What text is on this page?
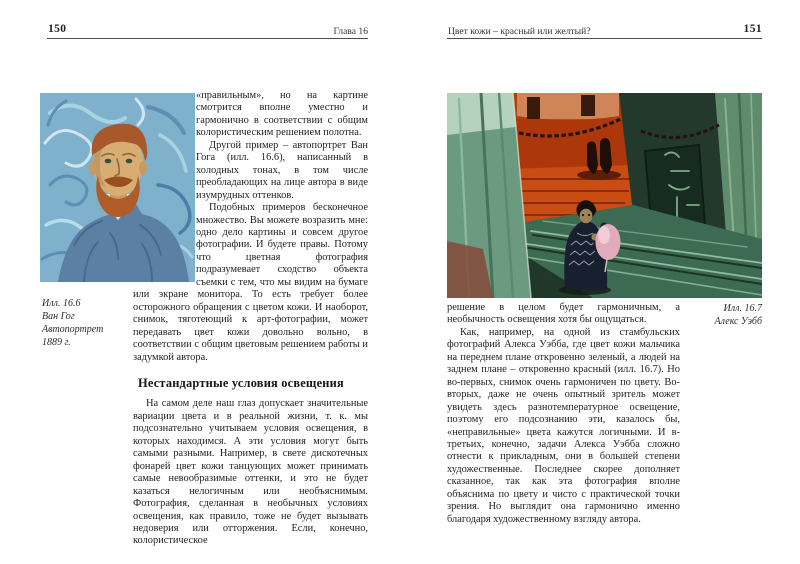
150	Глава 16
Илл. 16.6
Ван Гог
Автопортрет
1889 г.

«правильным», но на картине смотрится вполне уместно и гармонично в соответствии с общим колористическим решением полотна.

Другой пример – автопортрет Ван Гога (илл. 16.6), написанный в холодных тонах, в том числе преобладающих на лице автора в виде изумрудных оттенков.

Подобных примеров бесконечное множество. Вы можете возразить мне: одно дело картины и совсем другое фотографии. И будете правы. Потому что цветная фотография подразумевает сходство объекта съемки с тем, что мы видим на бумаге или экране монитора. То есть требует более осторожного обращения с цветом кожи. И наоборот, снимок, тяготеющий к арт-фотографии, может передавать цвет кожи довольно вольно, в соответствии с общим цветовым решением работы и задумкой автора.

Нестандартные условия освещения

На самом деле наш глаз допускает значительные вариации цвета и в реальной жизни, т. к. мы подсознательно учитываем условия освещения, в которых находимся. А эти условия могут быть самыми разными. Например, в свете дискотечных фонарей цвет кожи танцующих может принимать самые невообразимые оттенки, и это не будет казаться нелогичным или необъяснимым. Фотография, сделанная в необычных условиях освещения, как правило, тоже не будет вызывать недоверия или отторжения. Если, конечно, колористическое

Цвет кожи – красный или желтый?	151
Илл. 16.7
Алекс Уэбб

решение в целом будет гармоничным, а необычность освещения хотя бы ощущаться.

Как, например, на одной из стамбульских фотографий Алекса Уэбба, где цвет кожи мальчика на переднем плане откровенно зеленый, а людей на заднем плане – откровенно красный (илл. 16.7). Но во-первых, снимок очень гармоничен по цвету. Во-вторых, даже не очень опытный зритель может увидеть здесь разнотемпературное освещение, поэтому его подсознанию эти, казалось бы, «неправильные» цвета кажутся логичными. И в-третьих, конечно, задачи Алекса Уэбба сложно отнести к прикладным, они в большей степени художественные. Последнее скорее дополняет сказанное, так как эта фотография вполне объяснима по цвету и чисто с практической точки зрения. Но выглядит она гармонично именно благодаря художественному взгляду автора.
